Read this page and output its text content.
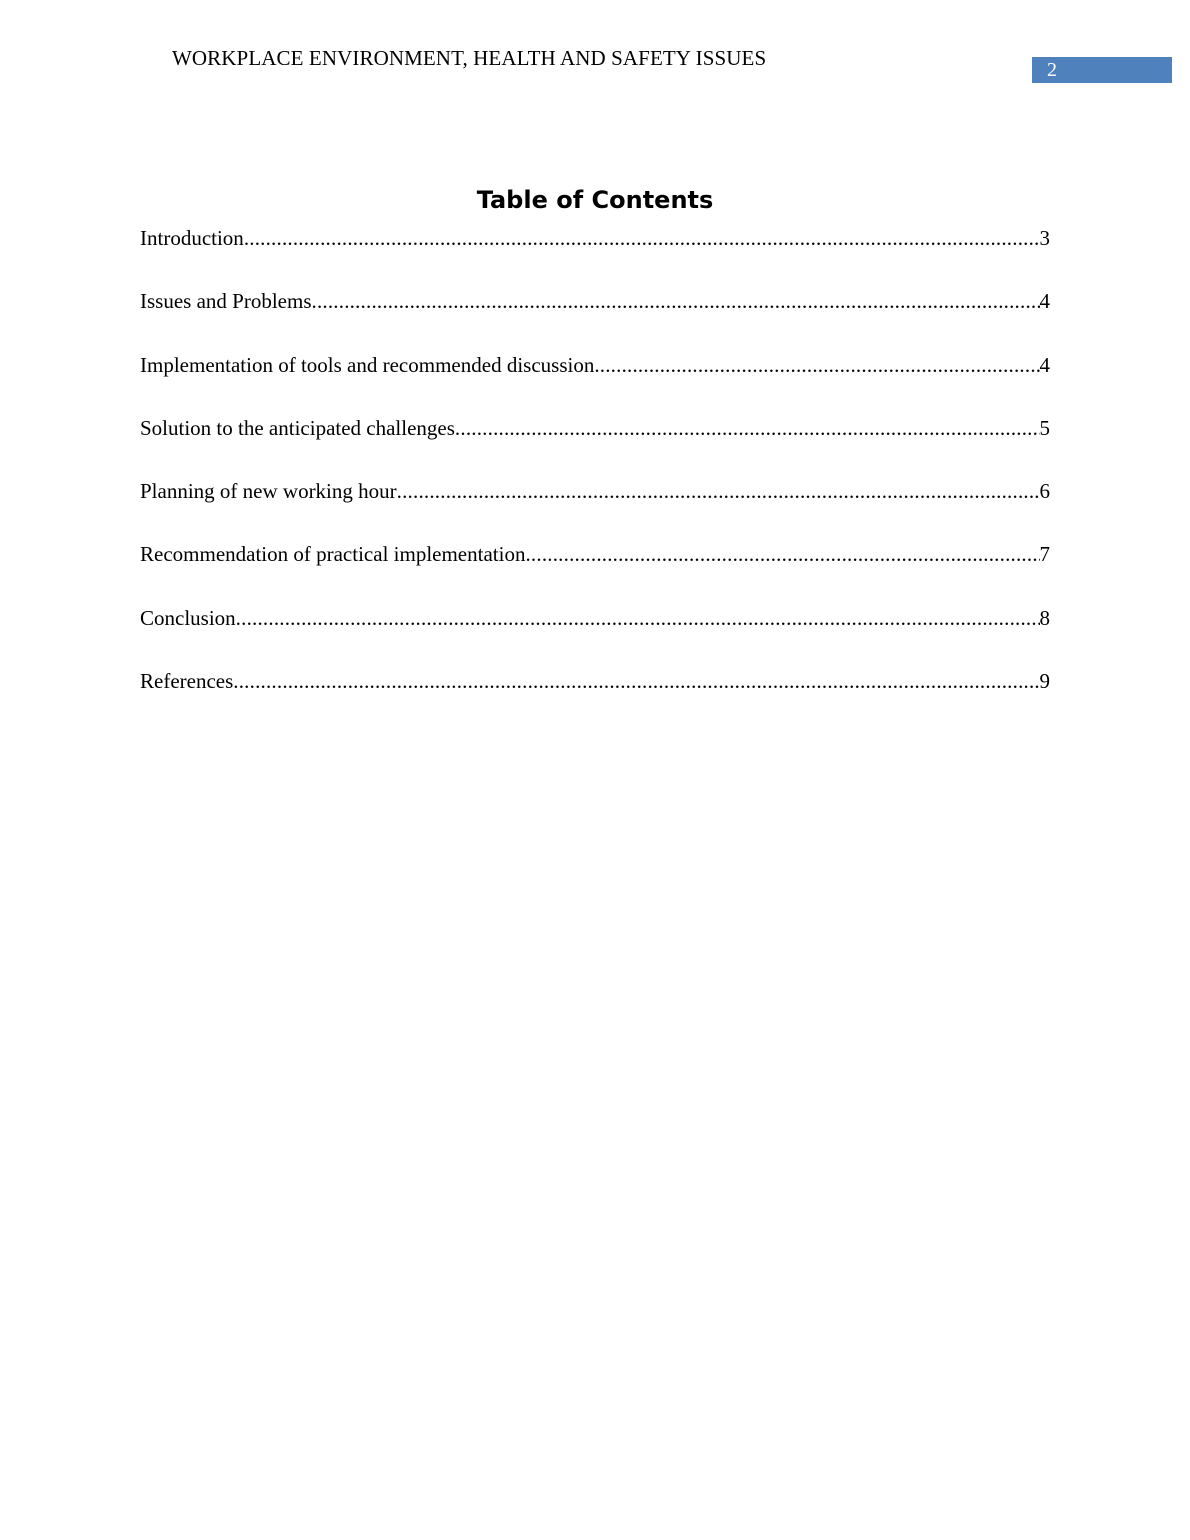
WORKPLACE ENVIRONMENT, HEALTH AND SAFETY ISSUES	2
Table of Contents
Introduction .....	3
Issues and Problems .....	4
Implementation of tools and recommended discussion .....	4
Solution to the anticipated challenges .....	5
Planning of new working hour .....	6
Recommendation of practical implementation .....	7
Conclusion .....	8
References .....	9
